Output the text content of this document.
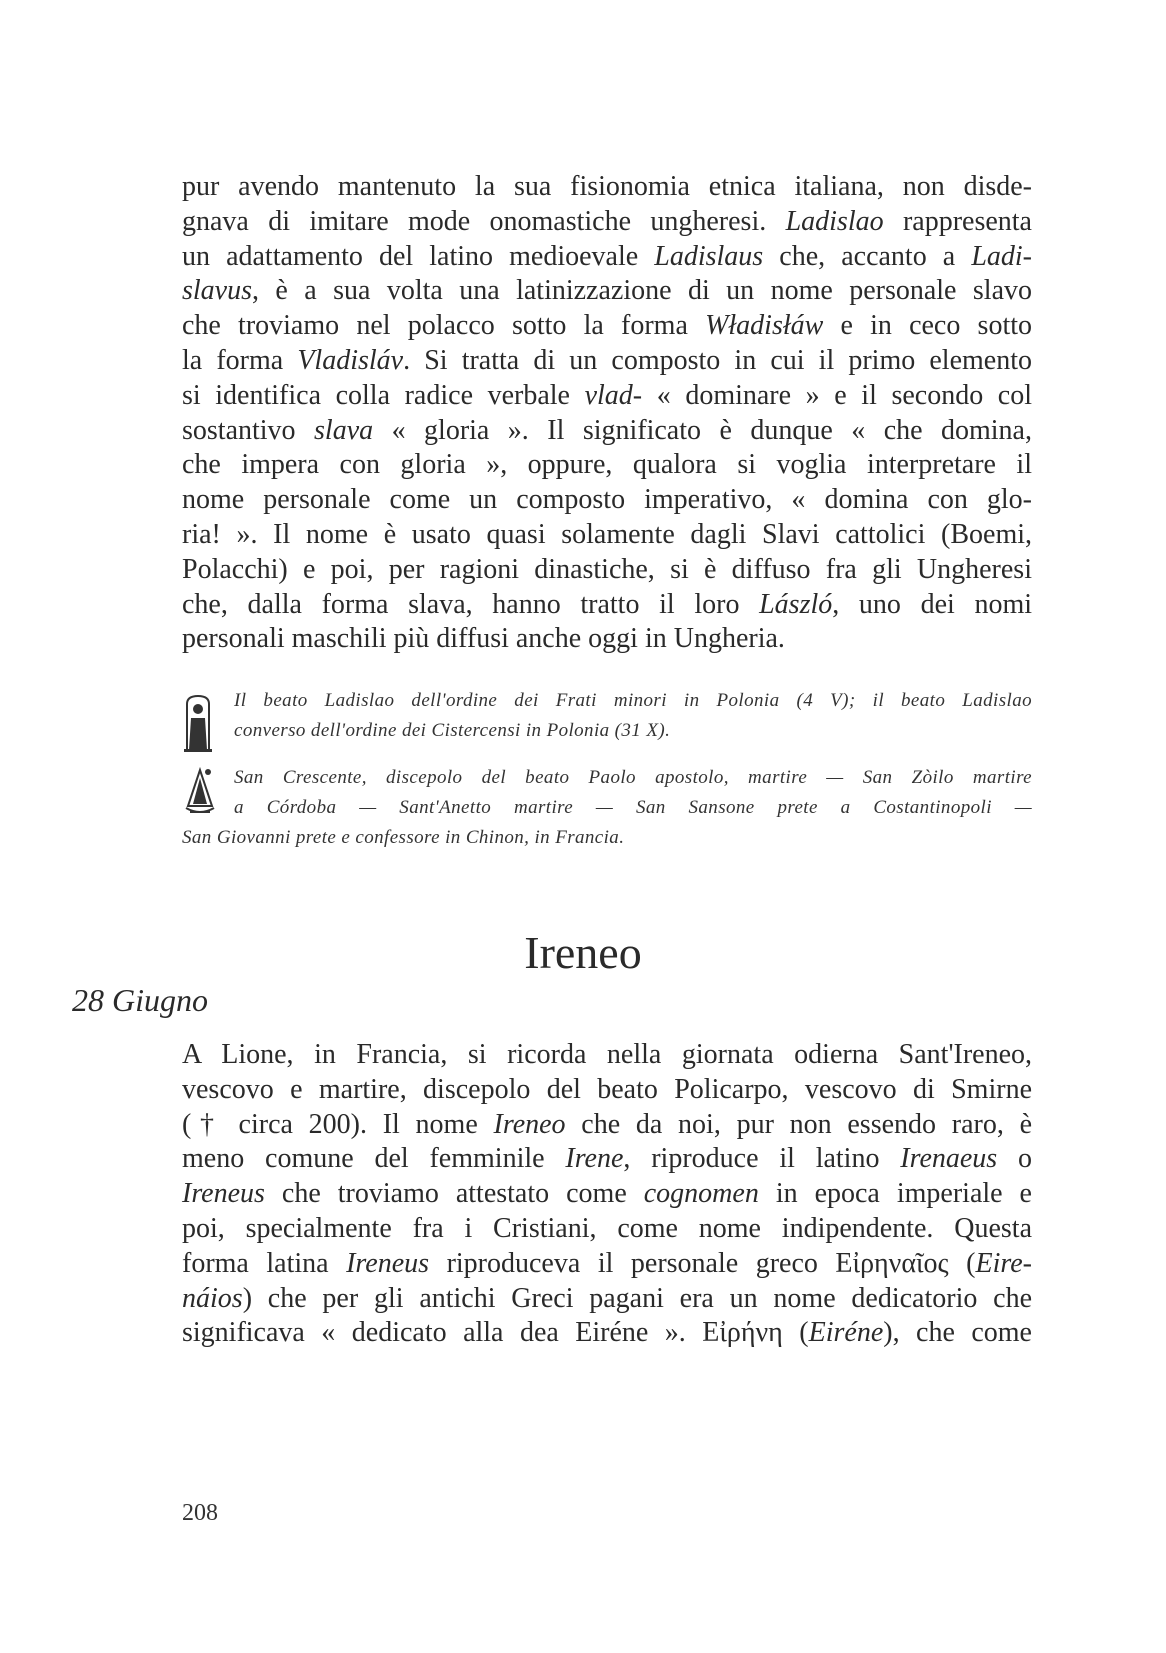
pur avendo mantenuto la sua fisionomia etnica italiana, non disde-
gnava di imitare mode onomastiche ungheresi. Ladislao rappresenta
un adattamento del latino medioevale Ladislaus che, accanto a Ladi-
slavus, è a sua volta una latinizzazione di un nome personale slavo
che troviamo nel polacco sotto la forma Władisłáw e in ceco sotto
la forma Vladisláv. Si tratta di un composto in cui il primo elemento
si identifica colla radice verbale vlad- « dominare » e il secondo col
sostantivo slava « gloria ». Il significato è dunque « che domina,
che impera con gloria », oppure, qualora si voglia interpretare il
nome personale come un composto imperativo, « domina con glo-
ria! ». Il nome è usato quasi solamente dagli Slavi cattolici (Boemi,
Polacchi) e poi, per ragioni dinastiche, si è diffuso fra gli Ungheresi
che, dalla forma slava, hanno tratto il loro László, uno dei nomi
personali maschili più diffusi anche oggi in Ungheria.

Il beato Ladislao dell'ordine dei Frati minori in Polonia (4 V); il beato Ladislao
converso dell'ordine dei Cistercensi in Polonia (31 X).
San Crescente, discepolo del beato Paolo apostolo, martire — San Zòilo martire
a Córdoba — Sant'Anetto martire — San Sansone prete a Costantinopoli —
San Giovanni prete e confessore in Chinon, in Francia.
Ireneo
28 Giugno

A Lione, in Francia, si ricorda nella giornata odierna Sant'Ireneo,
vescovo e martire, discepolo del beato Policarpo, vescovo di Smirne
(† circa 200). Il nome Ireneo che da noi, pur non essendo raro, è
meno comune del femminile Irene, riproduce il latino Irenaeus o
Ireneus che troviamo attestato come cognomen in epoca imperiale e
poi, specialmente fra i Cristiani, come nome indipendente. Questa
forma latina Ireneus riproduceva il personale greco Εἰρηναῖος (Eire-
náios) che per gli antichi Greci pagani era un nome dedicatorio che
significava « dedicato alla dea Eiréne ». Εἰρήνη (Eiréne), che come

208
